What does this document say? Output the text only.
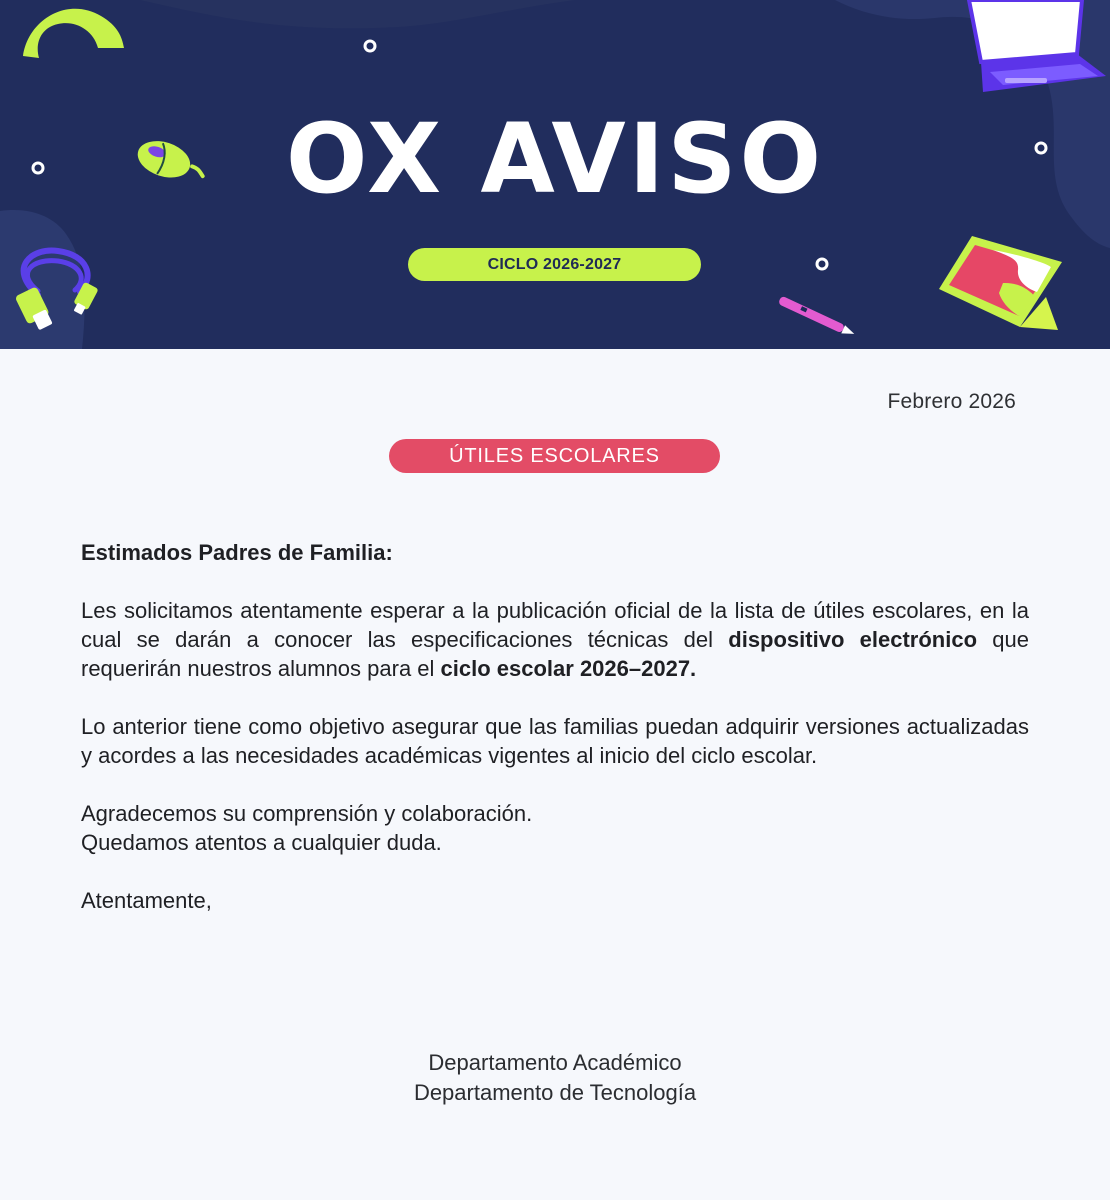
OX AVISO
CICLO 2026-2027
Febrero 2026
ÚTILES ESCOLARES

Estimados Padres de Familia:

Les solicitamos atentamente esperar a la publicación oficial de la lista de útiles escolares, en la cual se darán a conocer las especificaciones técnicas del dispositivo electrónico que requerirán nuestros alumnos para el ciclo escolar 2026–2027.

Lo anterior tiene como objetivo asegurar que las familias puedan adquirir versiones actualizadas y acordes a las necesidades académicas vigentes al inicio del ciclo escolar.

Agradecemos su comprensión y colaboración.

Quedamos atentos a cualquier duda.

Atentamente,

Departamento Académico
Departamento de Tecnología
